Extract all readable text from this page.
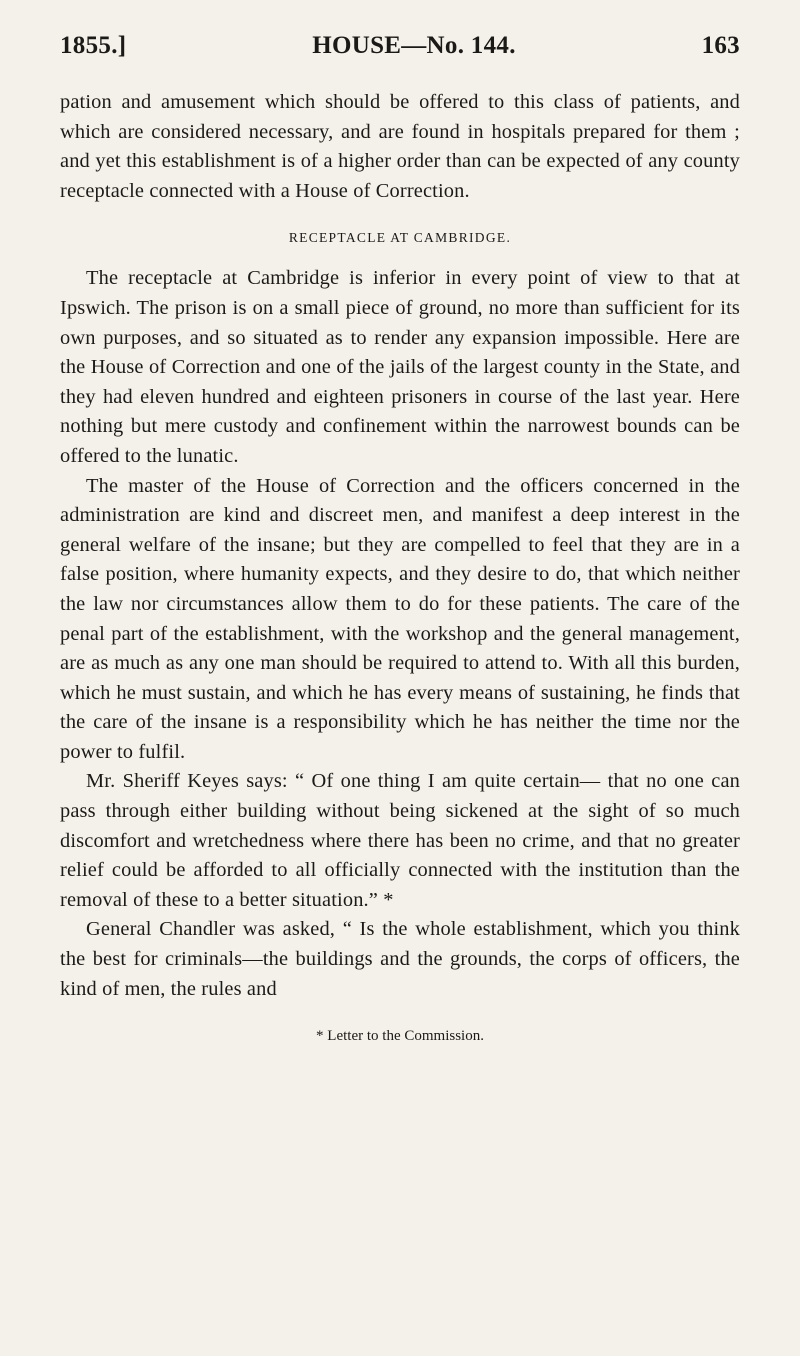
1855.]	HOUSE—No. 144.	163

pation and amusement which should be offered to this class of patients, and which are considered necessary, and are found in hospitals prepared for them ; and yet this establishment is of a higher order than can be expected of any county receptacle connected with a House of Correction.

RECEPTACLE AT CAMBRIDGE.

The receptacle at Cambridge is inferior in every point of view to that at Ipswich. The prison is on a small piece of ground, no more than sufficient for its own purposes, and so situated as to render any expansion impossible. Here are the House of Correction and one of the jails of the largest county in the State, and they had eleven hundred and eighteen prisoners in course of the last year. Here nothing but mere custody and confinement within the narrowest bounds can be offered to the lunatic.

The master of the House of Correction and the officers concerned in the administration are kind and discreet men, and manifest a deep interest in the general welfare of the insane; but they are compelled to feel that they are in a false position, where humanity expects, and they desire to do, that which neither the law nor circumstances allow them to do for these patients. The care of the penal part of the establishment, with the workshop and the general management, are as much as any one man should be required to attend to. With all this burden, which he must sustain, and which he has every means of sustaining, he finds that the care of the insane is a responsibility which he has neither the time nor the power to fulfil.

Mr. Sheriff Keyes says: “ Of one thing I am quite certain— that no one can pass through either building without being sickened at the sight of so much discomfort and wretchedness where there has been no crime, and that no greater relief could be afforded to all officially connected with the institution than the removal of these to a better situation.” *

General Chandler was asked, “ Is the whole establishment, which you think the best for criminals—the buildings and the grounds, the corps of officers, the kind of men, the rules and

* Letter to the Commission.
